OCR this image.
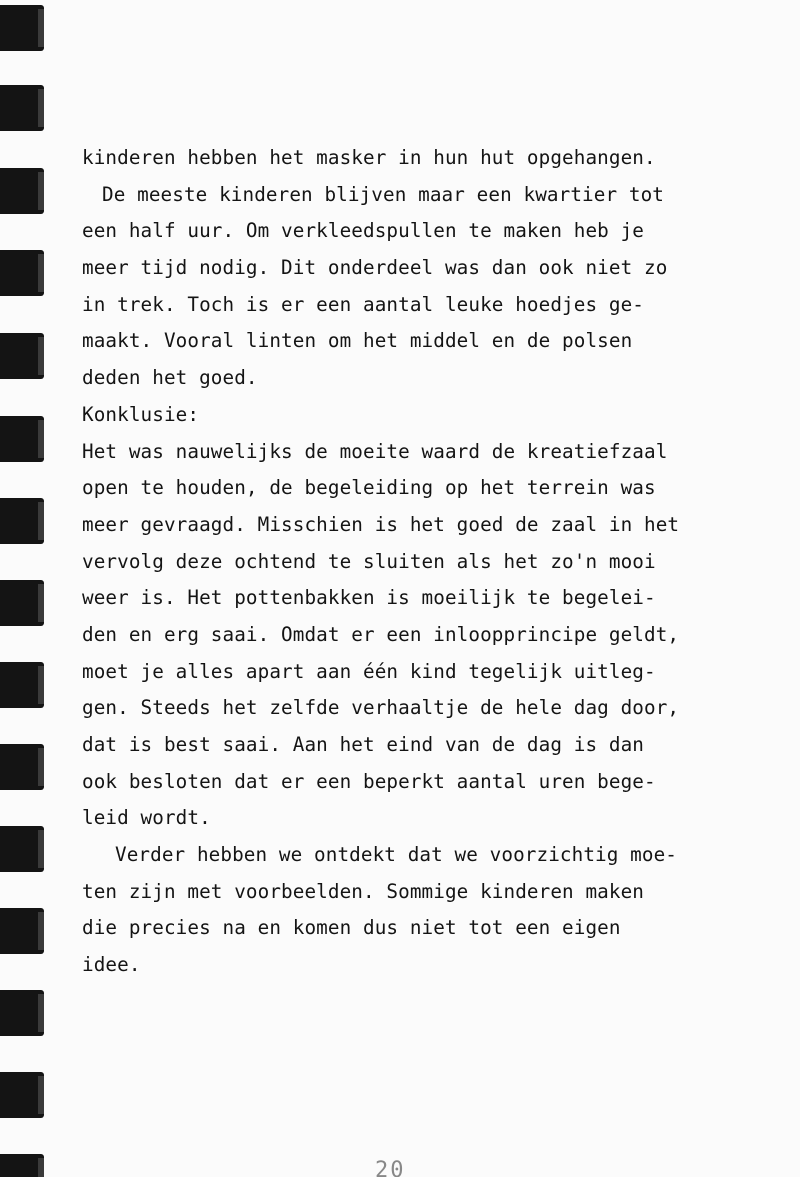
kinderen hebben het masker in hun hut opgehangen.
De meeste kinderen blijven maar een kwartier tot
een half uur. Om verkleedspullen te maken heb je
meer tijd nodig. Dit onderdeel was dan ook niet zo
in trek. Toch is er een aantal leuke hoedjes ge-
maakt. Vooral linten om het middel en de polsen
deden het goed.
Konklusie:
Het was nauwelijks de moeite waard de kreatiefzaal
open te houden, de begeleiding op het terrein was
meer gevraagd. Misschien is het goed de zaal in het
vervolg deze ochtend te sluiten als het zo'n mooi
weer is. Het pottenbakken is moeilijk te begelei-
den en erg saai. Omdat er een inloopprincipe geldt,
moet je alles apart aan één kind tegelijk uitleg-
gen. Steeds het zelfde verhaaltje de hele dag door,
dat is best saai. Aan het eind van de dag is dan
ook besloten dat er een beperkt aantal uren bege-
leid wordt.
Verder hebben we ontdekt dat we voorzichtig moe-
ten zijn met voorbeelden. Sommige kinderen maken
die precies na en komen dus niet tot een eigen
idee.
20
